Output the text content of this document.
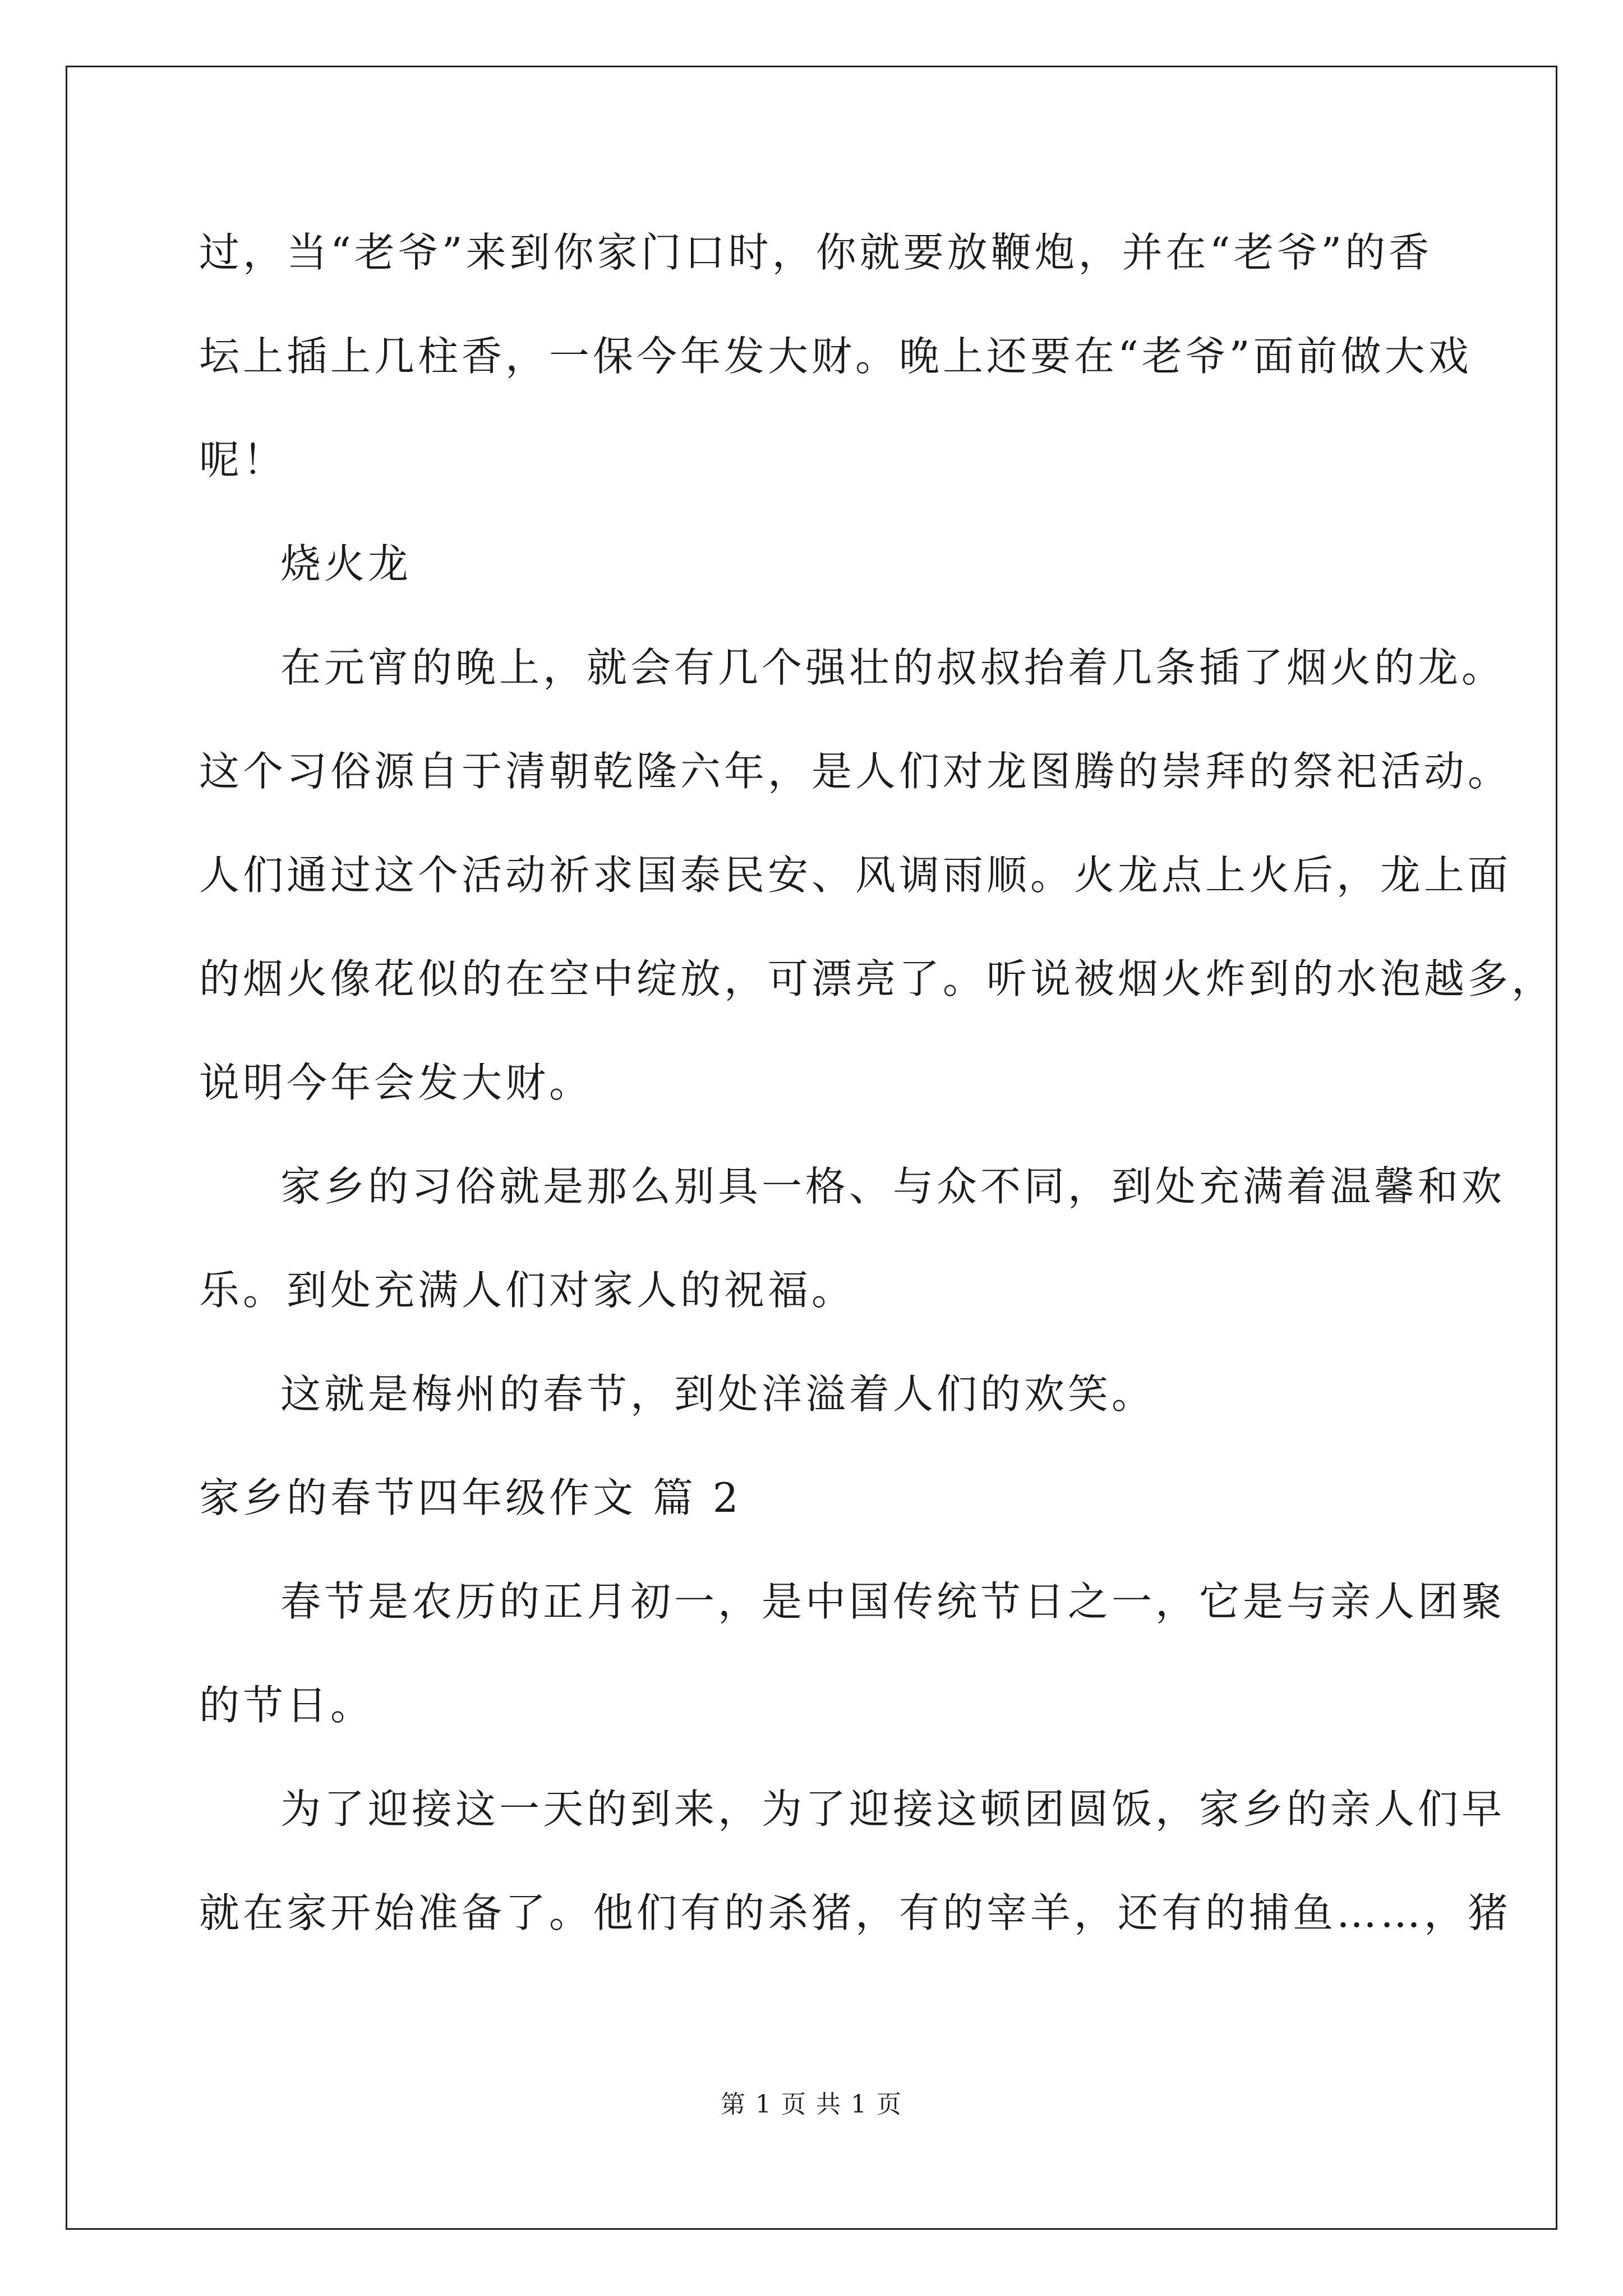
过，当“老爷”来到你家门口时，你就要放鞭炮，并在“老爷”的香
坛上插上几柱香，一保今年发大财。晚上还要在“老爷”面前做大戏
呢！
烧火龙
在元宵的晚上，就会有几个强壮的叔叔抬着几条插了烟火的龙。
这个习俗源自于清朝乾隆六年，是人们对龙图腾的崇拜的祭祀活动。
人们通过这个活动祈求国泰民安、风调雨顺。火龙点上火后，龙上面
的烟火像花似的在空中绽放，可漂亮了。听说被烟火炸到的水泡越多，
说明今年会发大财。
家乡的习俗就是那么别具一格、与众不同，到处充满着温馨和欢
乐。到处充满人们对家人的祝福。
这就是梅州的春节，到处洋溢着人们的欢笑。
家乡的春节四年级作文 篇 2
春节是农历的正月初一，是中国传统节日之一，它是与亲人团聚
的节日。
为了迎接这一天的到来，为了迎接这顿团圆饭，家乡的亲人们早
就在家开始准备了。他们有的杀猪，有的宰羊，还有的捕鱼……，猪
第 1 页 共 1 页
